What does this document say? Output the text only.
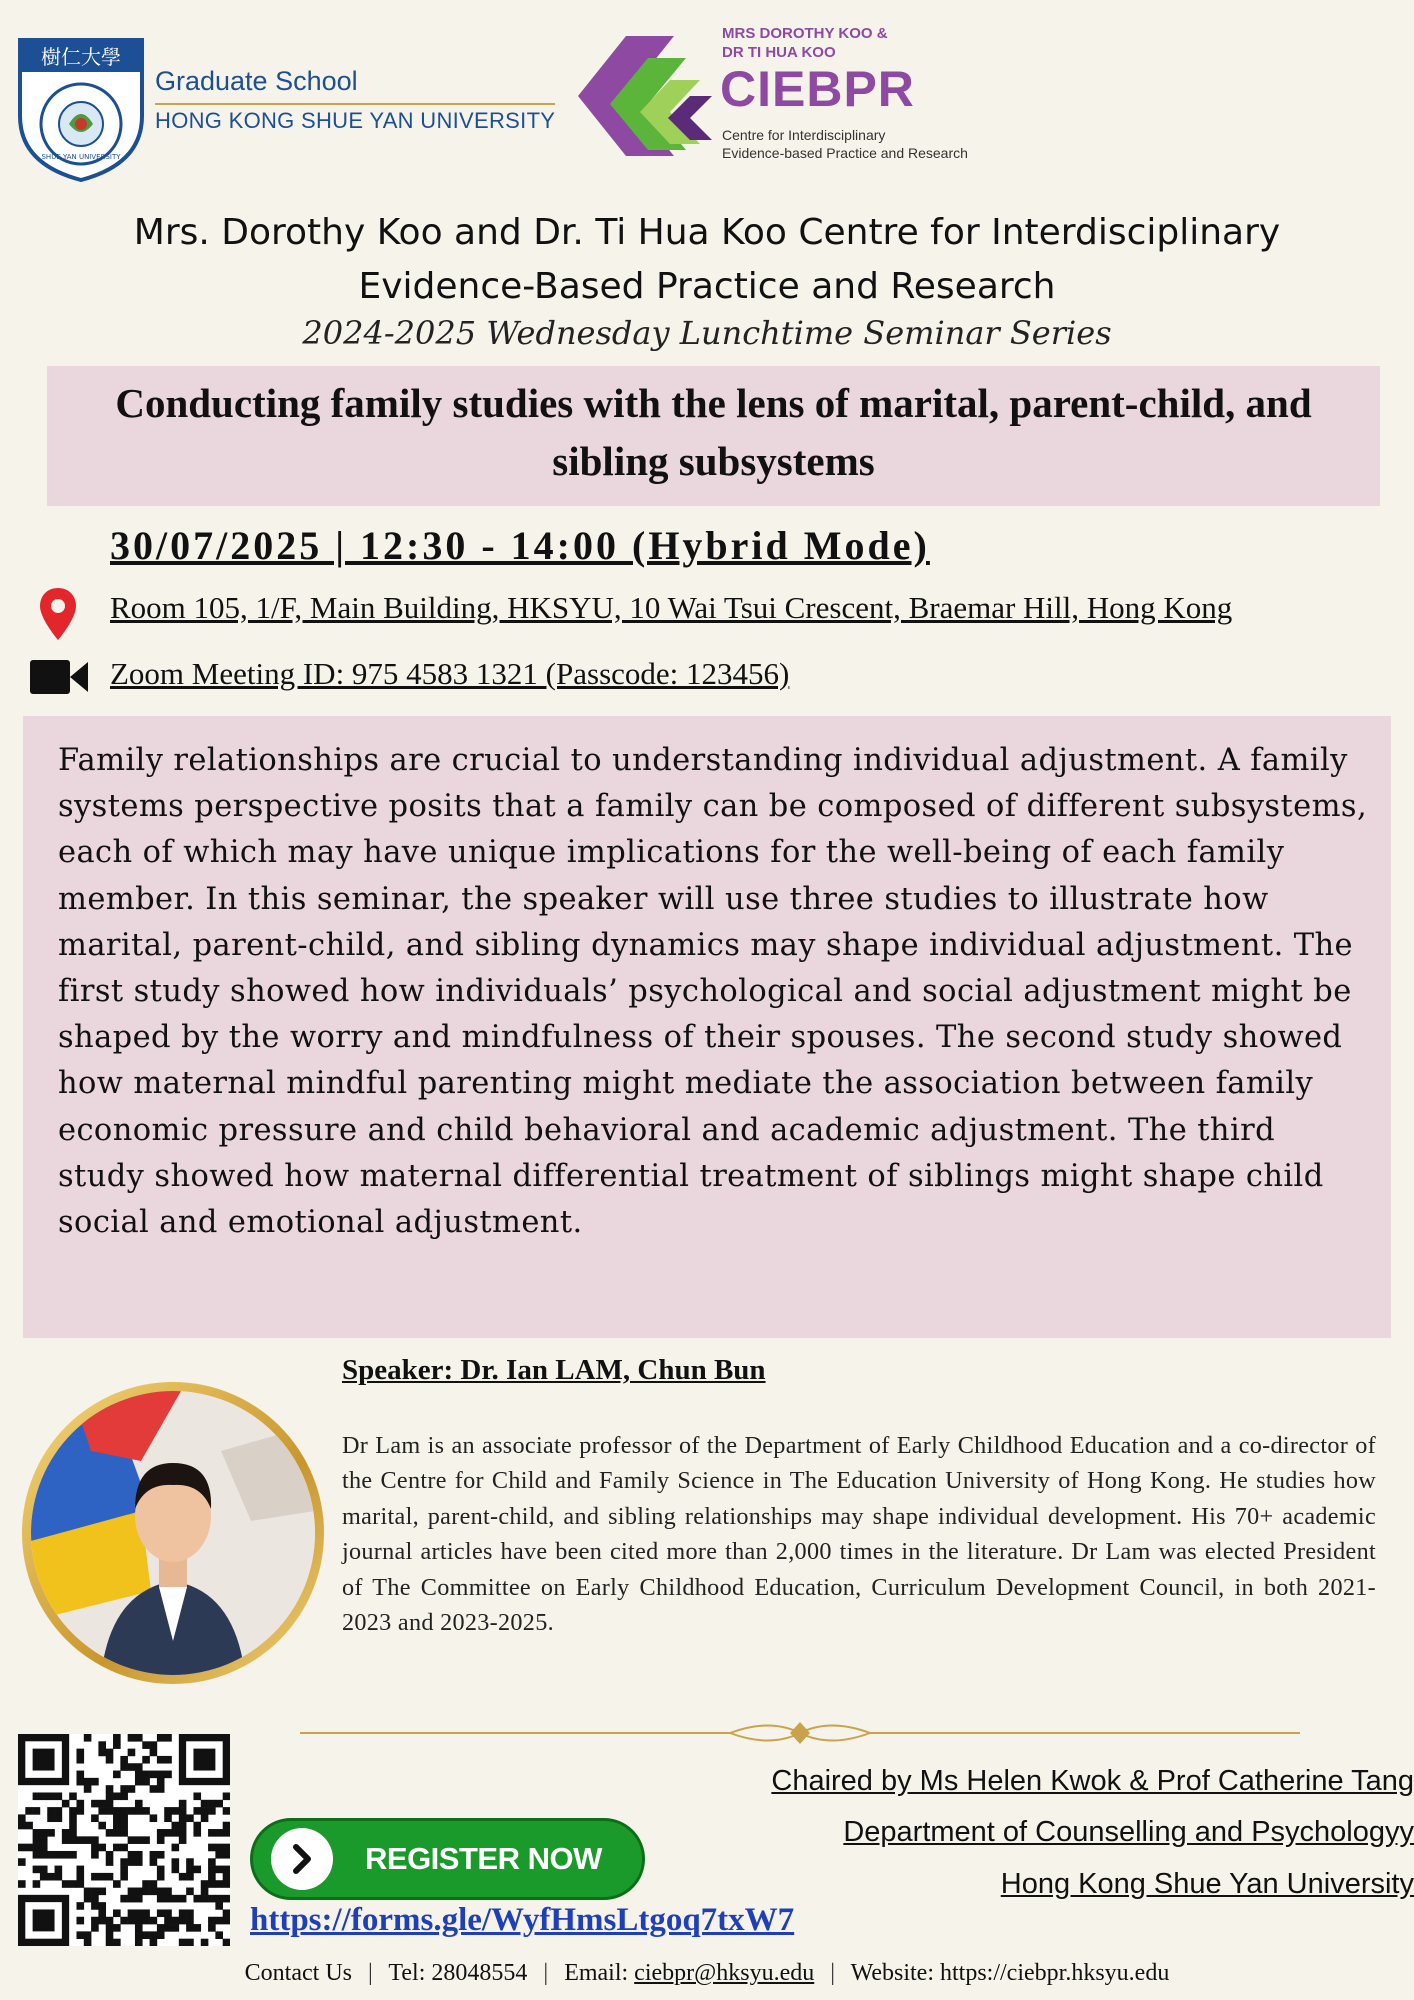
樹仁大學
SHUE YAN UNIVERSITY
Graduate School
HONG KONG SHUE YAN UNIVERSITY
MRS DOROTHY KOO &
DR TI HUA KOO
CIEBPR
Centre for Interdisciplinary
Evidence-based Practice and Research
Mrs. Dorothy Koo and Dr. Ti Hua Koo Centre for Interdisciplinary
Evidence-Based Practice and Research
2024-2025 Wednesday Lunchtime Seminar Series
Conducting family studies with the lens of marital, parent-child, and
sibling subsystems
30/07/2025 | 12:30 - 14:00 (Hybrid Mode)
Room 105, 1/F, Main Building, HKSYU, 10 Wai Tsui Crescent, Braemar Hill, Hong Kong
Zoom Meeting ID: 975 4583 1321 (Passcode: 123456)
Family relationships are crucial to understanding individual adjustment. A family systems perspective posits that a family can be composed of different subsystems, each of which may have unique implications for the well-being of each family member. In this seminar, the speaker will use three studies to illustrate how marital, parent-child, and sibling dynamics may shape individual adjustment. The first study showed how individuals’ psychological and social adjustment might be shaped by the worry and mindfulness of their spouses. The second study showed how maternal mindful parenting might mediate the association between family economic pressure and child behavioral and academic adjustment. The third study showed how maternal differential treatment of siblings might shape child social and emotional adjustment.
Speaker: Dr. Ian LAM, Chun Bun
Dr Lam is an associate professor of the Department of Early Childhood Education and a co-director of the Centre for Child and Family Science in The Education University of Hong Kong. He studies how marital, parent-child, and sibling relationships may shape individual development. His 70+ academic journal articles have been cited more than 2,000 times in the literature. Dr Lam was elected President of The Committee on Early Childhood Education, Curriculum Development Council, in both 2021-2023 and 2023-2025.
REGISTER NOW
https://forms.gle/WyfHmsLtgoq7txW7
Chaired by Ms Helen Kwok & Prof Catherine Tang
Department of Counselling and Psychologyy
Hong Kong Shue Yan University
Contact Us | Tel: 28048554 | Email: ciebpr@hksyu.edu | Website: https://ciebpr.hksyu.edu
